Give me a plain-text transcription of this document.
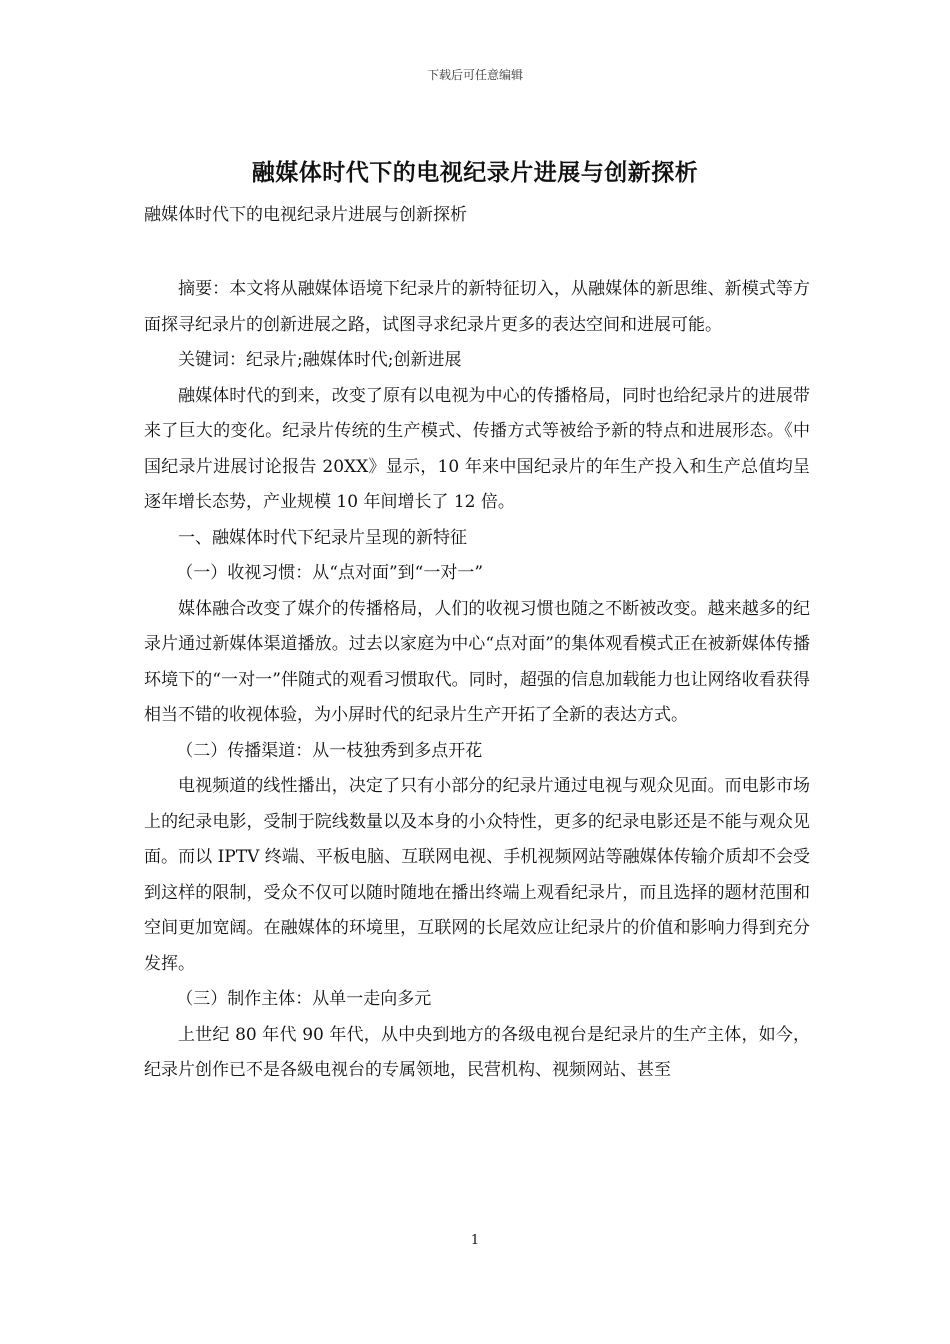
下载后可任意编辑
融媒体时代下的电视纪录片进展与创新探析
融媒体时代下的电视纪录片进展与创新探析

摘要：本文将从融媒体语境下纪录片的新特征切入，从融媒体的新思维、新模式等方面探寻纪录片的创新进展之路，试图寻求纪录片更多的表达空间和进展可能。

关键词：纪录片;融媒体时代;创新进展

融媒体时代的到来，改变了原有以电视为中心的传播格局，同时也给纪录片的进展带来了巨大的变化。纪录片传统的生产模式、传播方式等被给予新的特点和进展形态。《中国纪录片进展讨论报告 20XX》显示，10 年来中国纪录片的年生产投入和生产总值均呈逐年增长态势，产业规模 10 年间增长了 12 倍。

一、融媒体时代下纪录片呈现的新特征

（一）收视习惯：从“点对面”到“一对一”

媒体融合改变了媒介的传播格局，人们的收视习惯也随之不断被改变。越来越多的纪录片通过新媒体渠道播放。过去以家庭为中心“点对面”的集体观看模式正在被新媒体传播环境下的“一对一”伴随式的观看习惯取代。同时，超强的信息加载能力也让网络收看获得相当不错的收视体验，为小屏时代的纪录片生产开拓了全新的表达方式。

（二）传播渠道：从一枝独秀到多点开花

电视频道的线性播出，决定了只有小部分的纪录片通过电视与观众见面。而电影市场上的纪录电影，受制于院线数量以及本身的小众特性，更多的纪录电影还是不能与观众见面。而以 IPTV 终端、平板电脑、互联网电视、手机视频网站等融媒体传输介质却不会受到这样的限制，受众不仅可以随时随地在播出终端上观看纪录片，而且选择的题材范围和空间更加宽阔。在融媒体的环境里，互联网的长尾效应让纪录片的价值和影响力得到充分发挥。

（三）制作主体：从单一走向多元

上世纪 80 年代 90 年代，从中央到地方的各级电视台是纪录片的生产主体，如今，纪录片创作已不是各級电视台的专属领地，民营机构、视频网站、甚至

1
